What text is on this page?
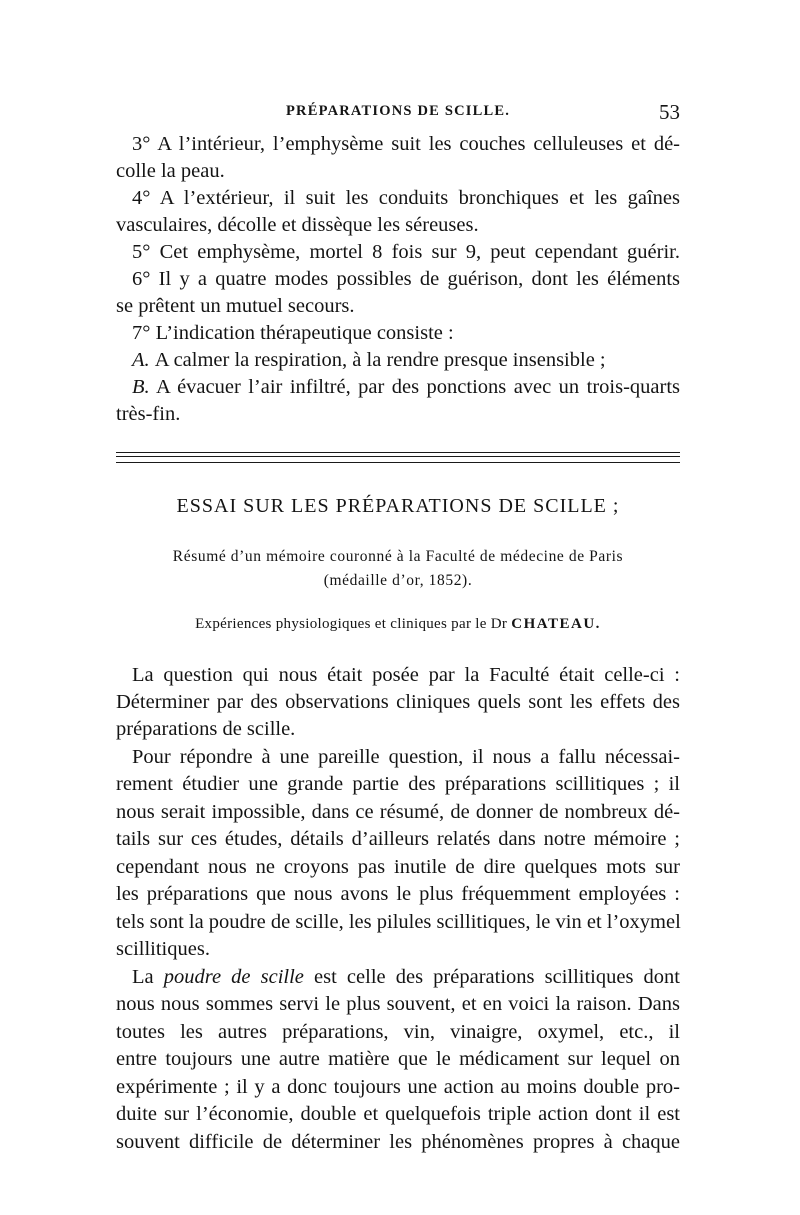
PRÉPARATIONS DE SCILLE.	53
3° A l’intérieur, l’emphysème suit les couches celluleuses et dé-
colle la peau.
4° A l’extérieur, il suit les conduits bronchiques et les gaînes
vasculaires, décolle et dissèque les séreuses.
5° Cet emphysème, mortel 8 fois sur 9, peut cependant guérir.
6° Il y a quatre modes possibles de guérison, dont les éléments
se prêtent un mutuel secours.
7° L’indication thérapeutique consiste :
A. A calmer la respiration, à la rendre presque insensible ;
B. A évacuer l’air infiltré, par des ponctions avec un trois-quarts
très-fin.
ESSAI SUR LES PRÉPARATIONS DE SCILLE ;
Résumé d’un mémoire couronné à la Faculté de médecine de Paris
(médaille d’or, 1852).
Expériences physiologiques et cliniques par le Dr CHATEAU.
La question qui nous était posée par la Faculté était celle-ci :
Déterminer par des observations cliniques quels sont les effets des
préparations de scille.
Pour répondre à une pareille question, il nous a fallu nécessai-
rement étudier une grande partie des préparations scillitiques ; il
nous serait impossible, dans ce résumé, de donner de nombreux dé-
tails sur ces études, détails d’ailleurs relatés dans notre mémoire ;
cependant nous ne croyons pas inutile de dire quelques mots sur
les préparations que nous avons le plus fréquemment employées :
tels sont la poudre de scille, les pilules scillitiques, le vin et l’oxymel
scillitiques.
La poudre de scille est celle des préparations scillitiques dont
nous nous sommes servi le plus souvent, et en voici la raison. Dans
toutes les autres préparations, vin, vinaigre, oxymel, etc., il
entre toujours une autre matière que le médicament sur lequel on
expérimente ; il y a donc toujours une action au moins double pro-
duite sur l’économie, double et quelquefois triple action dont il est
souvent difficile de déterminer les phénomènes propres à chaque
